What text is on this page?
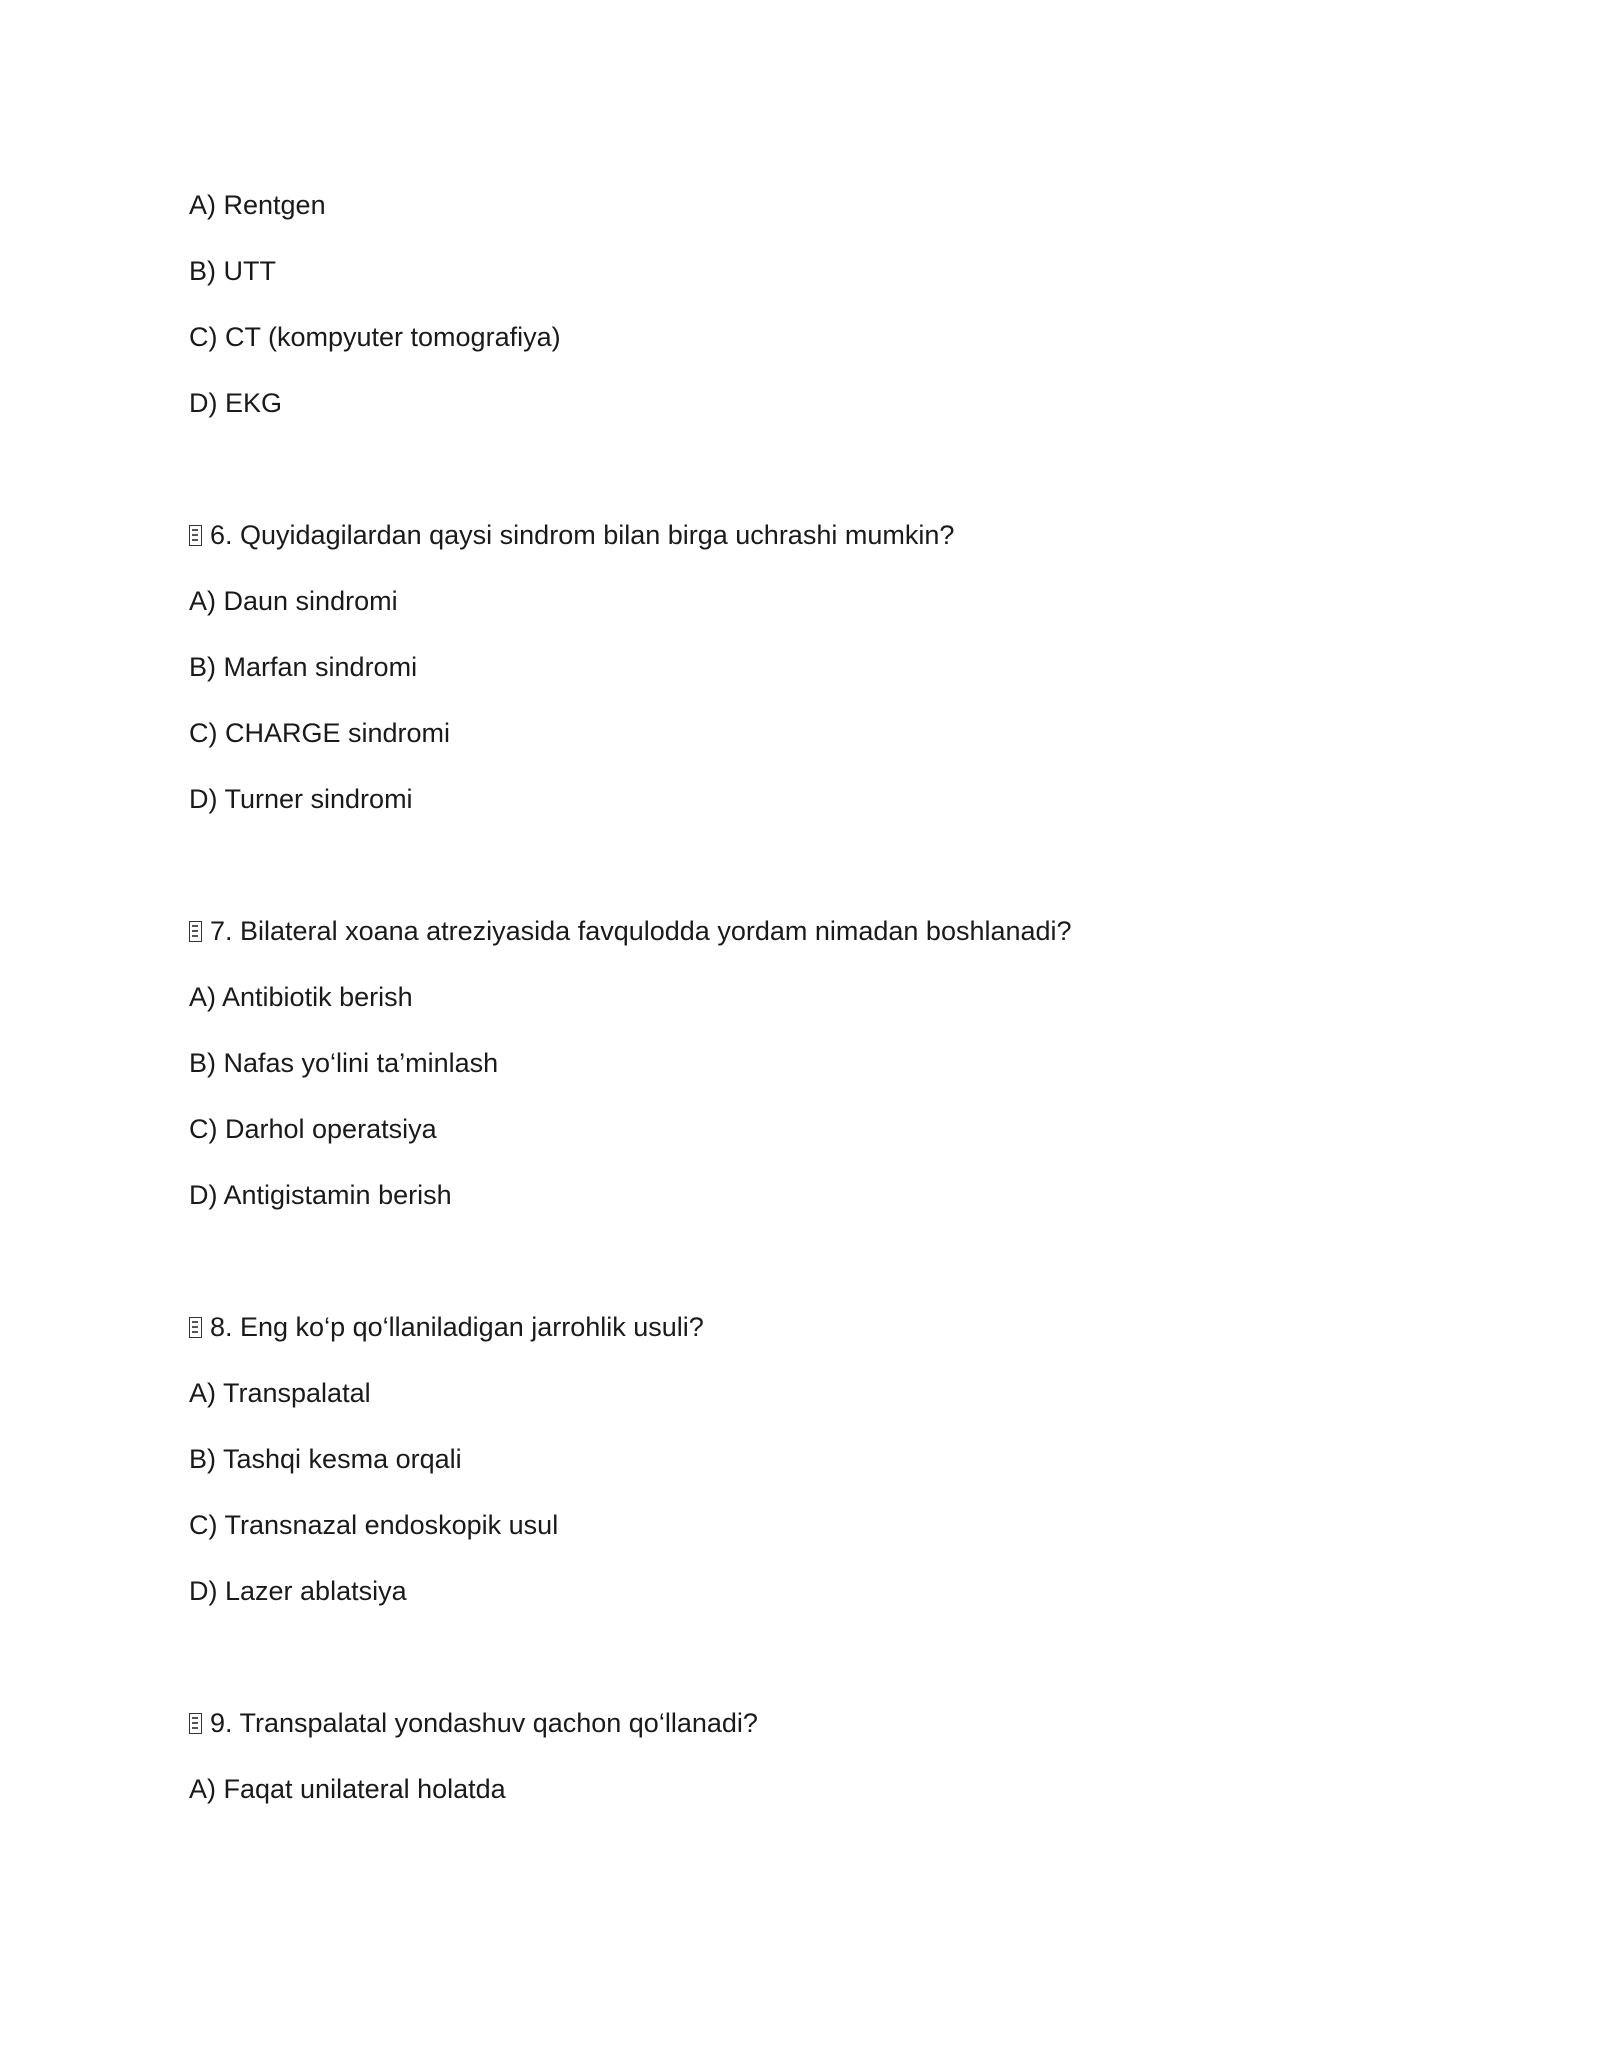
A) Rentgen
B) UTT
C) CT (kompyuter tomografiya)
D) EKG
6. Quyidagilardan qaysi sindrom bilan birga uchrashi mumkin?
A) Daun sindromi
B) Marfan sindromi
C) CHARGE sindromi
D) Turner sindromi
7. Bilateral xoana atreziyasida favqulodda yordam nimadan boshlanadi?
A) Antibiotik berish
B) Nafas yo‘lini ta’minlash
C) Darhol operatsiya
D) Antigistamin berish
8. Eng ko‘p qo‘llaniladigan jarrohlik usuli?
A) Transpalatal
B) Tashqi kesma orqali
C) Transnazal endoskopik usul
D) Lazer ablatsiya
9. Transpalatal yondashuv qachon qo‘llanadi?
A) Faqat unilateral holatda
